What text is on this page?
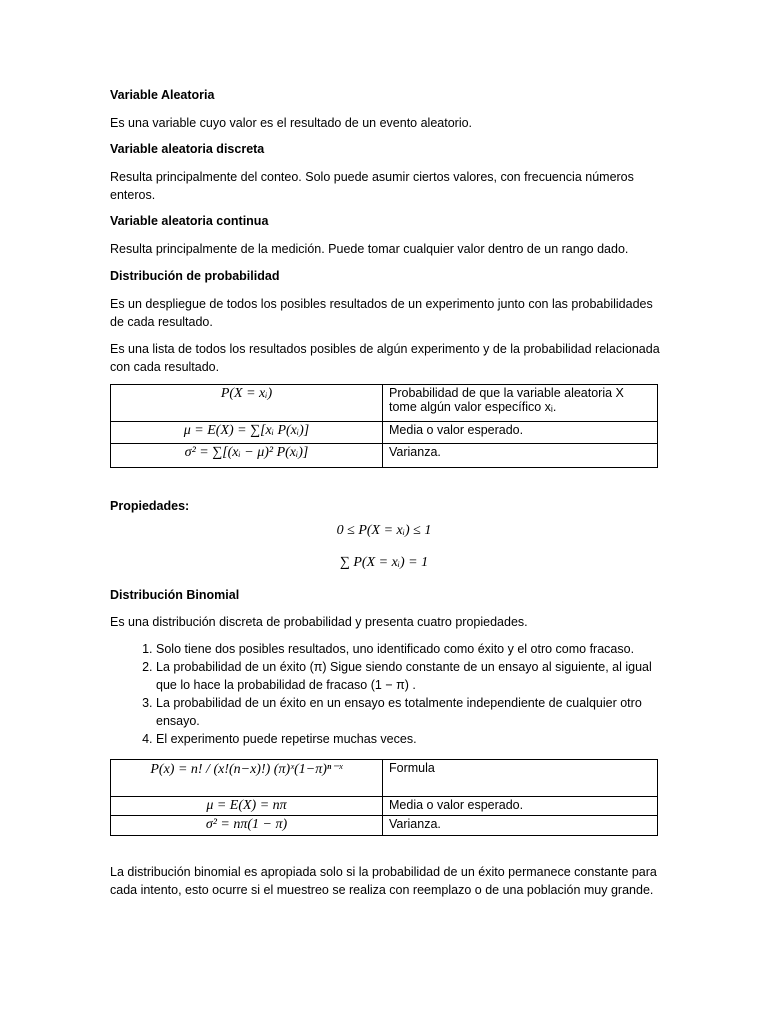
Variable Aleatoria
Es una variable cuyo valor es el resultado de un evento aleatorio.
Variable aleatoria discreta
Resulta principalmente del conteo. Solo puede asumir ciertos valores, con frecuencia números enteros.
Variable aleatoria continua
Resulta principalmente de la medición. Puede tomar cualquier valor dentro de un rango dado.
Distribución de probabilidad
Es un despliegue de todos los posibles resultados de un experimento junto con las probabilidades de cada resultado.
Es una lista de todos los resultados posibles de algún experimento y de la probabilidad relacionada con cada resultado.
P(X = xᵢ)	Probabilidad de que la variable aleatoria X tome algún valor específico xᵢ.
μ = E(X) = ∑[xᵢ P(xᵢ)]	Media o valor esperado.
σ² = ∑[(xᵢ − μ)² P(xᵢ)]	Varianza.
Propiedades:
0 ≤ P(X = xᵢ) ≤ 1
∑ P(X = xᵢ) = 1
Distribución Binomial
Es una distribución discreta de probabilidad y presenta cuatro propiedades.
1. Solo tiene dos posibles resultados, uno identificado como éxito y el otro como fracaso.
2. La probabilidad de un éxito (π) Sigue siendo constante de un ensayo al siguiente, al igual que lo hace la probabilidad de fracaso (1 − π) .
3. La probabilidad de un éxito en un ensayo es totalmente independiente de cualquier otro ensayo.
4. El experimento puede repetirse muchas veces.
P(x) = n! / (x!(n−x)!) (π)ˣ(1−π)ⁿ⁻ˣ	Formula
μ = E(X) = nπ	Media o valor esperado.
σ² = nπ(1 − π)	Varianza.
La distribución binomial es apropiada solo si la probabilidad de un éxito permanece constante para cada intento, esto ocurre si el muestreo se realiza con reemplazo o de una población muy grande.
